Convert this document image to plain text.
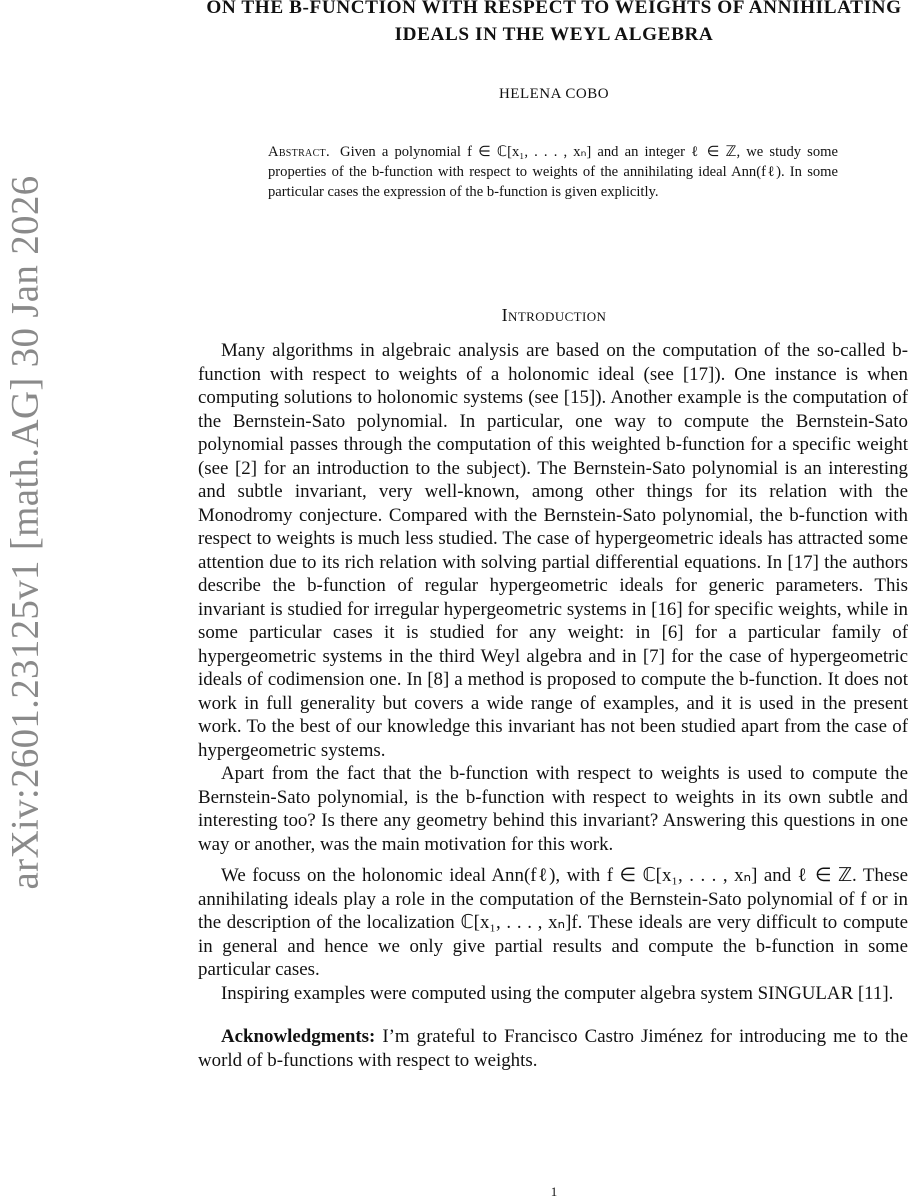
arXiv:2601.23125v1 [math.AG] 30 Jan 2026
ON THE B-FUNCTION WITH RESPECT TO WEIGHTS OF ANNIHILATING IDEALS IN THE WEYL ALGEBRA
HELENA COBO
Abstract. Given a polynomial f ∈ ℂ[x₁, . . . , xₙ] and an integer ℓ ∈ ℤ, we study some properties of the b-function with respect to weights of the annihilating ideal Ann(fℓ). In some particular cases the expression of the b-function is given explicitly.
Introduction

Many algorithms in algebraic analysis are based on the computation of the so-called b-function with respect to weights of a holonomic ideal (see [17]). One instance is when computing solutions to holonomic systems (see [15]). Another example is the computation of the Bernstein-Sato polynomial. In particular, one way to compute the Bernstein-Sato polynomial passes through the computation of this weighted b-function for a specific weight (see [2] for an introduction to the subject). The Bernstein-Sato polynomial is an interesting and subtle invariant, very well-known, among other things for its relation with the Monodromy conjecture. Compared with the Bernstein-Sato polynomial, the b-function with respect to weights is much less studied. The case of hypergeometric ideals has attracted some attention due to its rich relation with solving partial differential equations. In [17] the authors describe the b-function of regular hypergeometric ideals for generic parameters. This invariant is studied for irregular hypergeometric systems in [16] for specific weights, while in some particular cases it is studied for any weight: in [6] for a particular family of hypergeometric systems in the third Weyl algebra and in [7] for the case of hypergeometric ideals of codimension one. In [8] a method is proposed to compute the b-function. It does not work in full generality but covers a wide range of examples, and it is used in the present work. To the best of our knowledge this invariant has not been studied apart from the case of hypergeometric systems.

Apart from the fact that the b-function with respect to weights is used to compute the Bernstein-Sato polynomial, is the b-function with respect to weights in its own subtle and interesting too? Is there any geometry behind this invariant? Answering this questions in one way or another, was the main motivation for this work.

We focuss on the holonomic ideal Ann(fℓ), with f ∈ ℂ[x₁, . . . , xₙ] and ℓ ∈ ℤ. These annihilating ideals play a role in the computation of the Bernstein-Sato polynomial of f or in the description of the localization ℂ[x₁, . . . , xₙ]f. These ideals are very difficult to compute in general and hence we only give partial results and compute the b-function in some particular cases.

Inspiring examples were computed using the computer algebra system SINGULAR [11].

Acknowledgments: I’m grateful to Francisco Castro Jiménez for introducing me to the world of b-functions with respect to weights.

1
